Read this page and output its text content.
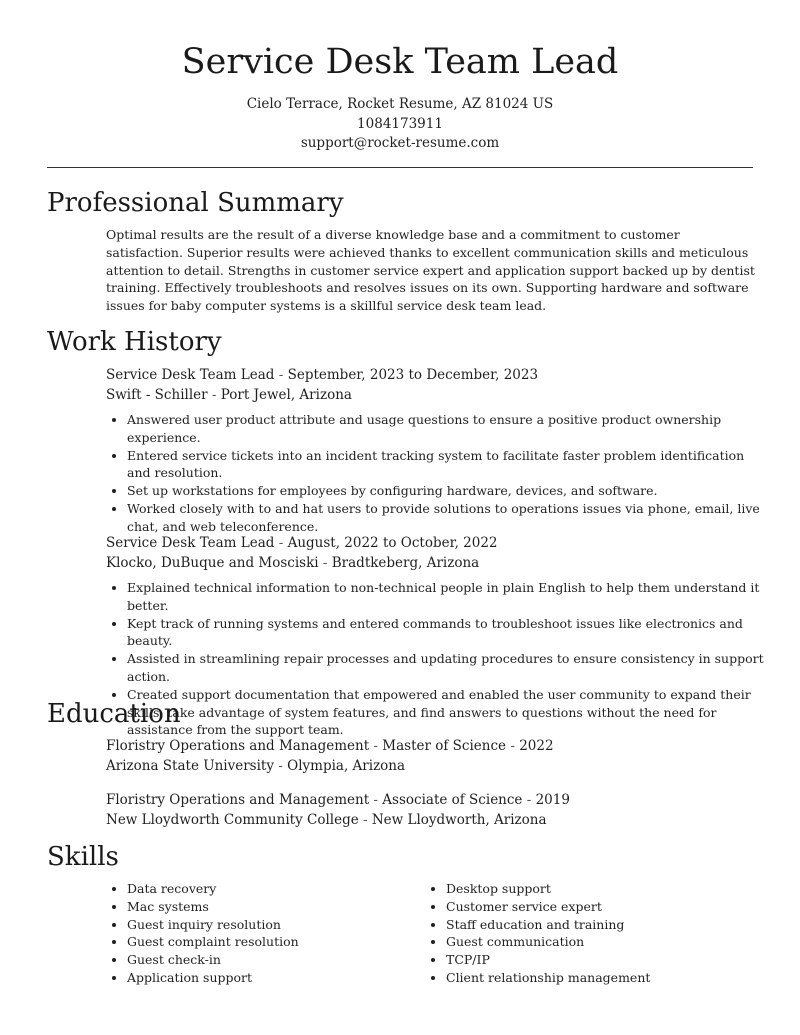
Service Desk Team Lead
Cielo Terrace, Rocket Resume, AZ 81024 US
1084173911
support@rocket-resume.com
Professional Summary

Optimal results are the result of a diverse knowledge base and a commitment to customer satisfaction. Superior results were achieved thanks to excellent communication skills and meticulous attention to detail. Strengths in customer service expert and application support backed up by dentist training. Effectively troubleshoots and resolves issues on its own. Supporting hardware and software issues for baby computer systems is a skillful service desk team lead.

Work History
Service Desk Team Lead - September, 2023 to December, 2023
Swift - Schiller - Port Jewel, Arizona
• Answered user product attribute and usage questions to ensure a positive product ownership experience.
• Entered service tickets into an incident tracking system to facilitate faster problem identification and resolution.
• Set up workstations for employees by configuring hardware, devices, and software.
• Worked closely with to and hat users to provide solutions to operations issues via phone, email, live chat, and web teleconference.
Service Desk Team Lead - August, 2022 to October, 2022
Klocko, DuBuque and Mosciski - Bradtkeberg, Arizona
• Explained technical information to non-technical people in plain English to help them understand it better.
• Kept track of running systems and entered commands to troubleshoot issues like electronics and beauty.
• Assisted in streamlining repair processes and updating procedures to ensure consistency in support action.
• Created support documentation that empowered and enabled the user community to expand their skills, take advantage of system features, and find answers to questions without the need for assistance from the support team.
Education
Floristry Operations and Management - Master of Science - 2022
Arizona State University - Olympia, Arizona
Floristry Operations and Management - Associate of Science - 2019
New Lloydworth Community College - New Lloydworth, Arizona
Skills
• Data recovery
• Mac systems
• Guest inquiry resolution
• Guest complaint resolution
• Guest check-in
• Application support
• Desktop support
• Customer service expert
• Staff education and training
• Guest communication
• TCP/IP
• Client relationship management
